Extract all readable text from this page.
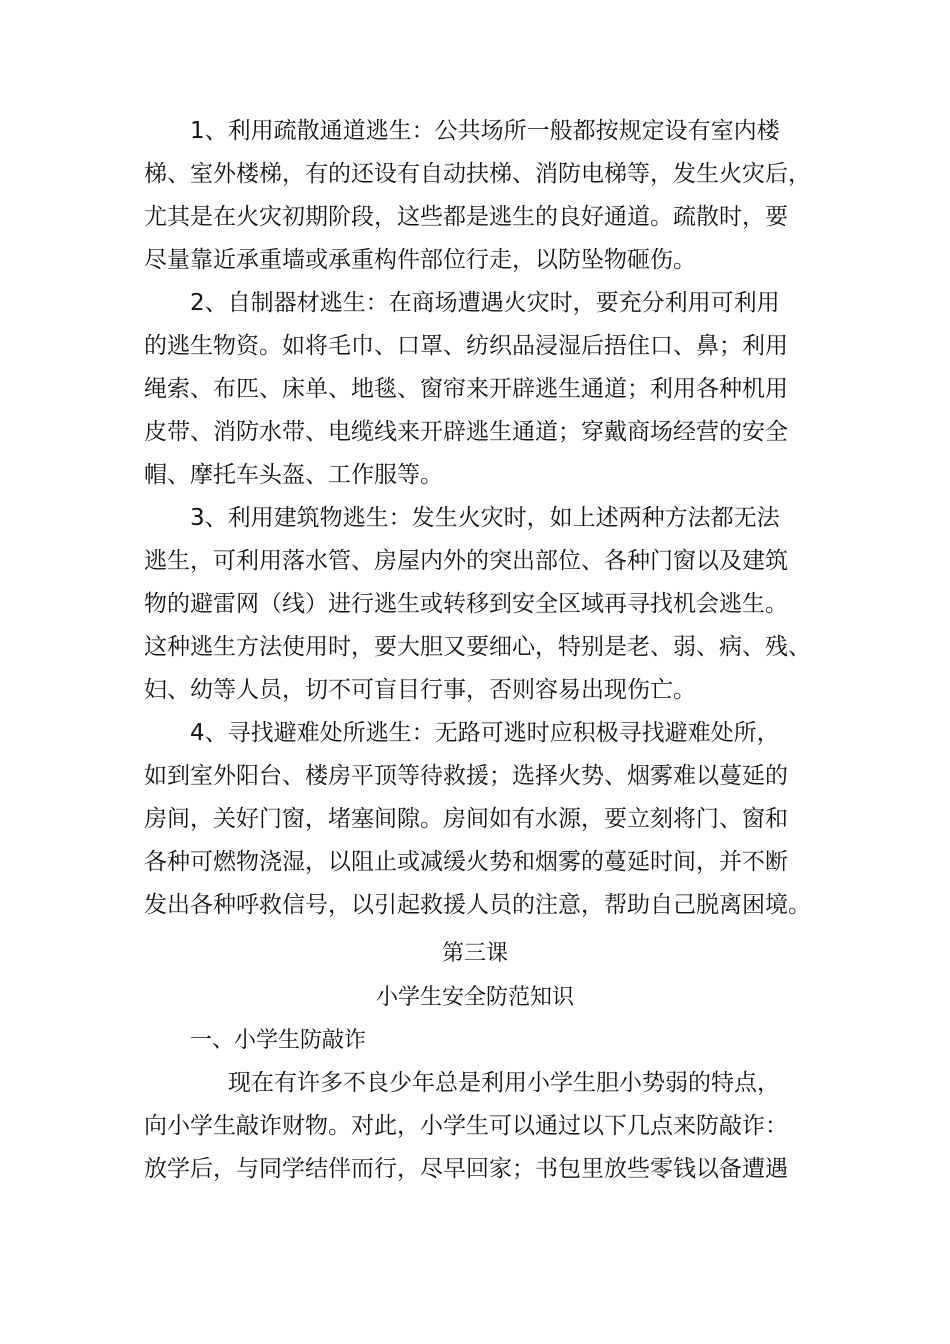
1、利用疏散通道逃生：公共场所一般都按规定设有室内楼

梯、室外楼梯，有的还设有自动扶梯、消防电梯等，发生火灾后，

尤其是在火灾初期阶段，这些都是逃生的良好通道。疏散时，要

尽量靠近承重墙或承重构件部位行走，以防坠物砸伤。

2、自制器材逃生：在商场遭遇火灾时，要充分利用可利用

的逃生物资。如将毛巾、口罩、纺织品浸湿后捂住口、鼻；利用

绳索、布匹、床单、地毯、窗帘来开辟逃生通道；利用各种机用

皮带、消防水带、电缆线来开辟逃生通道；穿戴商场经营的安全

帽、摩托车头盔、工作服等。

3、利用建筑物逃生：发生火灾时，如上述两种方法都无法

逃生，可利用落水管、房屋内外的突出部位、各种门窗以及建筑

物的避雷网（线）进行逃生或转移到安全区域再寻找机会逃生。

这种逃生方法使用时，要大胆又要细心，特别是老、弱、病、残、

妇、幼等人员，切不可盲目行事，否则容易出现伤亡。

4、寻找避难处所逃生：无路可逃时应积极寻找避难处所，

如到室外阳台、楼房平顶等待救援；选择火势、烟雾难以蔓延的

房间，关好门窗，堵塞间隙。房间如有水源，要立刻将门、窗和

各种可燃物浇湿，以阻止或减缓火势和烟雾的蔓延时间，并不断

发出各种呼救信号，以引起救援人员的注意，帮助自己脱离困境。

第三课

小学生安全防范知识

一、小学生防敲诈

现在有许多不良少年总是利用小学生胆小势弱的特点，

向小学生敲诈财物。对此，小学生可以通过以下几点来防敲诈：

放学后，与同学结伴而行，尽早回家；书包里放些零钱以备遭遇
